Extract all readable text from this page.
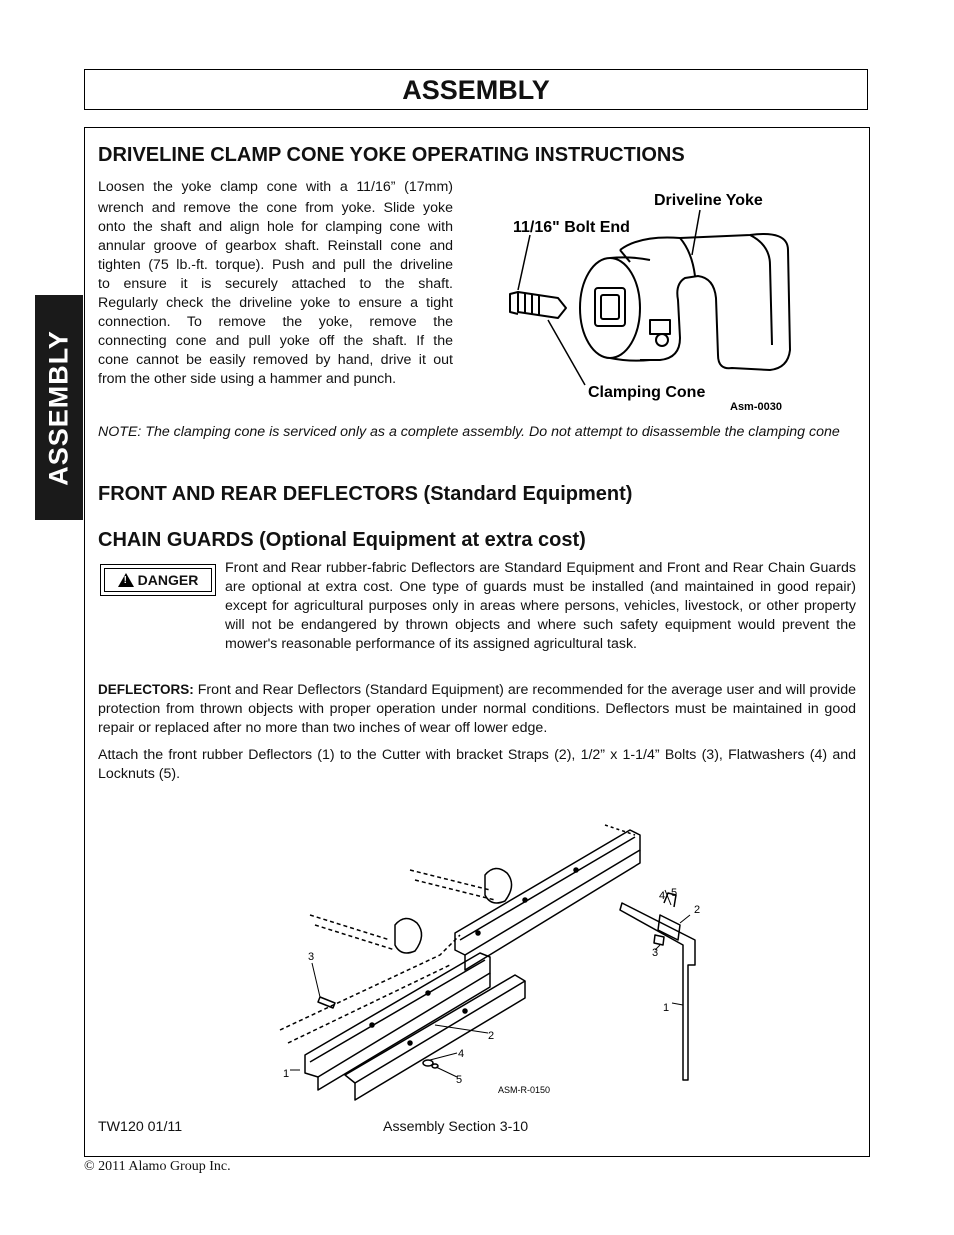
ASSEMBLY
ASSEMBLY
DRIVELINE CLAMP CONE YOKE OPERATING INSTRUCTIONS

Loosen the yoke clamp cone with a 11/16” (17mm)

wrench and remove the cone from yoke. Slide yoke

onto the shaft and align hole for clamping cone with

annular groove of gearbox shaft. Reinstall cone and

tighten (75 lb.-ft. torque). Push and pull the driveline

to ensure it is securely attached to the shaft.

Regularly check the driveline yoke to ensure a tight

connection. To remove the yoke, remove the

connecting cone and pull yoke off the shaft. If the

cone cannot be easily removed by hand, drive it out

from the other side using a hammer and punch.

Driveline Yoke
11/16" Bolt End
Clamping Cone
Asm-0030

NOTE: The clamping cone is serviced only as a complete assembly. Do not attempt to disassemble the clamping cone

FRONT AND REAR DEFLECTORS (Standard Equipment)
CHAIN GUARDS (Optional Equipment at extra cost)
!
DANGER

Front and Rear rubber-fabric Deflectors are Standard Equipment and Front and Rear Chain Guards are optional at extra cost. One type of guards must be installed (and maintained in good repair) except for agricultural purposes only in areas where persons, vehicles, livestock, or other property will not be endangered by thrown objects and where such safety equipment would prevent the mower's reasonable performance of its assigned agricultural task.

DEFLECTORS: Front and Rear Deflectors (Standard Equipment) are recommended for the average user and will provide protection from thrown objects with proper operation under normal conditions. Deflectors must be maintained in good repair or replaced after no more than two inches of wear off lower edge.

Attach the front rubber Deflectors (1) to the Cutter with bracket Straps (2), 1/2” x 1-1/4” Bolts (3), Flatwashers (4) and Locknuts (5).

3
2
4
5
1
4 5
2
3
1
ASM-R-0150
TW120 01/11	Assembly Section 3-10
© 2011 Alamo Group Inc.
